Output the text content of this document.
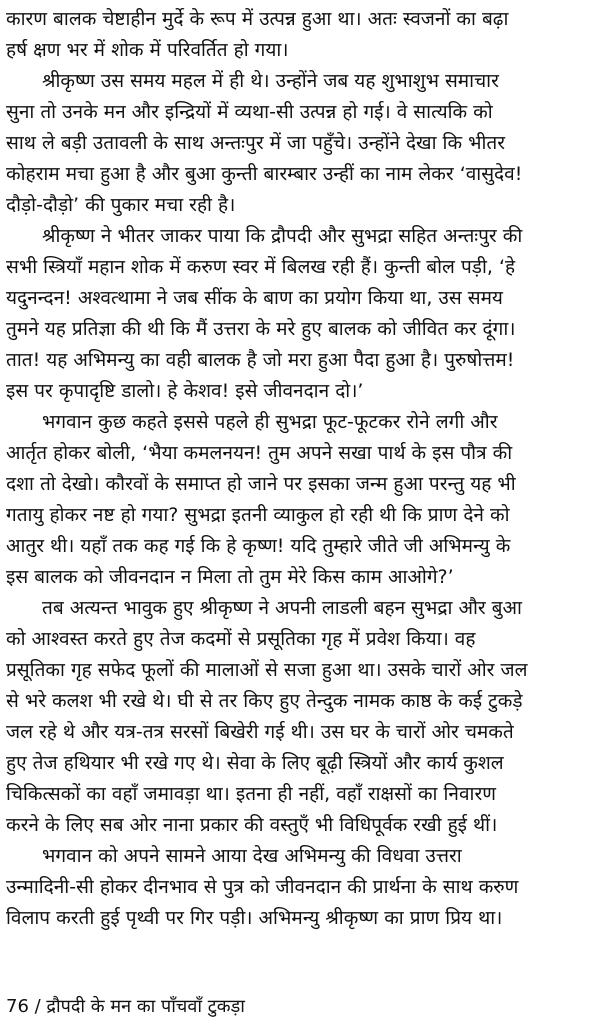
कारण बालक चेष्टाहीन मुर्दे के रूप में उत्पन्न हुआ था। अतः स्वजनों का बढ़ा
हर्ष क्षण भर में शोक में परिवर्तित हो गया।
श्रीकृष्ण उस समय महल में ही थे। उन्होंने जब यह शुभाशुभ समाचार
सुना तो उनके मन और इन्द्रियों में व्यथा-सी उत्पन्न हो गई। वे सात्यकि को
साथ ले बड़ी उतावली के साथ अन्तःपुर में जा पहुँचे। उन्होंने देखा कि भीतर
कोहराम मचा हुआ है और बुआ कुन्ती बारम्बार उन्हीं का नाम लेकर ‘वासुदेव!
दौड़ो-दौड़ो’ की पुकार मचा रही है।
श्रीकृष्ण ने भीतर जाकर पाया कि द्रौपदी और सुभद्रा सहित अन्तःपुर की
सभी स्त्रियाँ महान शोक में करुण स्वर में बिलख रही हैं। कुन्ती बोल पड़ी, ‘हे
यदुनन्दन! अश्वत्थामा ने जब सींक के बाण का प्रयोग किया था, उस समय
तुमने यह प्रतिज्ञा की थी कि मैं उत्तरा के मरे हुए बालक को जीवित कर दूंगा।
तात! यह अभिमन्यु का वही बालक है जो मरा हुआ पैदा हुआ है। पुरुषोत्तम!
इस पर कृपादृष्टि डालो। हे केशव! इसे जीवनदान दो।’
भगवान कुछ कहते इससे पहले ही सुभद्रा फूट-फूटकर रोने लगी और
आर्तृत होकर बोली, ‘भैया कमलनयन! तुम अपने सखा पार्थ के इस पौत्र की
दशा तो देखो। कौरवों के समाप्त हो जाने पर इसका जन्म हुआ परन्तु यह भी
गतायु होकर नष्ट हो गया? सुभद्रा इतनी व्याकुल हो रही थी कि प्राण देने को
आतुर थी। यहाँ तक कह गई कि हे कृष्ण! यदि तुम्हारे जीते जी अभिमन्यु के
इस बालक को जीवनदान न मिला तो तुम मेरे किस काम आओगे?’
तब अत्यन्त भावुक हुए श्रीकृष्ण ने अपनी लाडली बहन सुभद्रा और बुआ
को आश्वस्त करते हुए तेज कदमों से प्रसूतिका गृह में प्रवेश किया। वह
प्रसूतिका गृह सफेद फूलों की मालाओं से सजा हुआ था। उसके चारों ओर जल
से भरे कलश भी रखे थे। घी से तर किए हुए तेन्दुक नामक काष्ठ के कई टुकड़े
जल रहे थे और यत्र-तत्र सरसों बिखेरी गई थी। उस घर के चारों ओर चमकते
हुए तेज हथियार भी रखे गए थे। सेवा के लिए बूढ़ी स्त्रियों और कार्य कुशल
चिकित्सकों का वहाँ जमावड़ा था। इतना ही नहीं, वहाँ राक्षसों का निवारण
करने के लिए सब ओर नाना प्रकार की वस्तुएँ भी विधिपूर्वक रखी हुई थीं।
भगवान को अपने सामने आया देख अभिमन्यु की विधवा उत्तरा
उन्मादिनी-सी होकर दीनभाव से पुत्र को जीवनदान की प्रार्थना के साथ करुण
विलाप करती हुई पृथ्वी पर गिर पड़ी। अभिमन्यु श्रीकृष्ण का प्राण प्रिय था।
76 / द्रौपदी के मन का पाँचवाँ टुकड़ा
